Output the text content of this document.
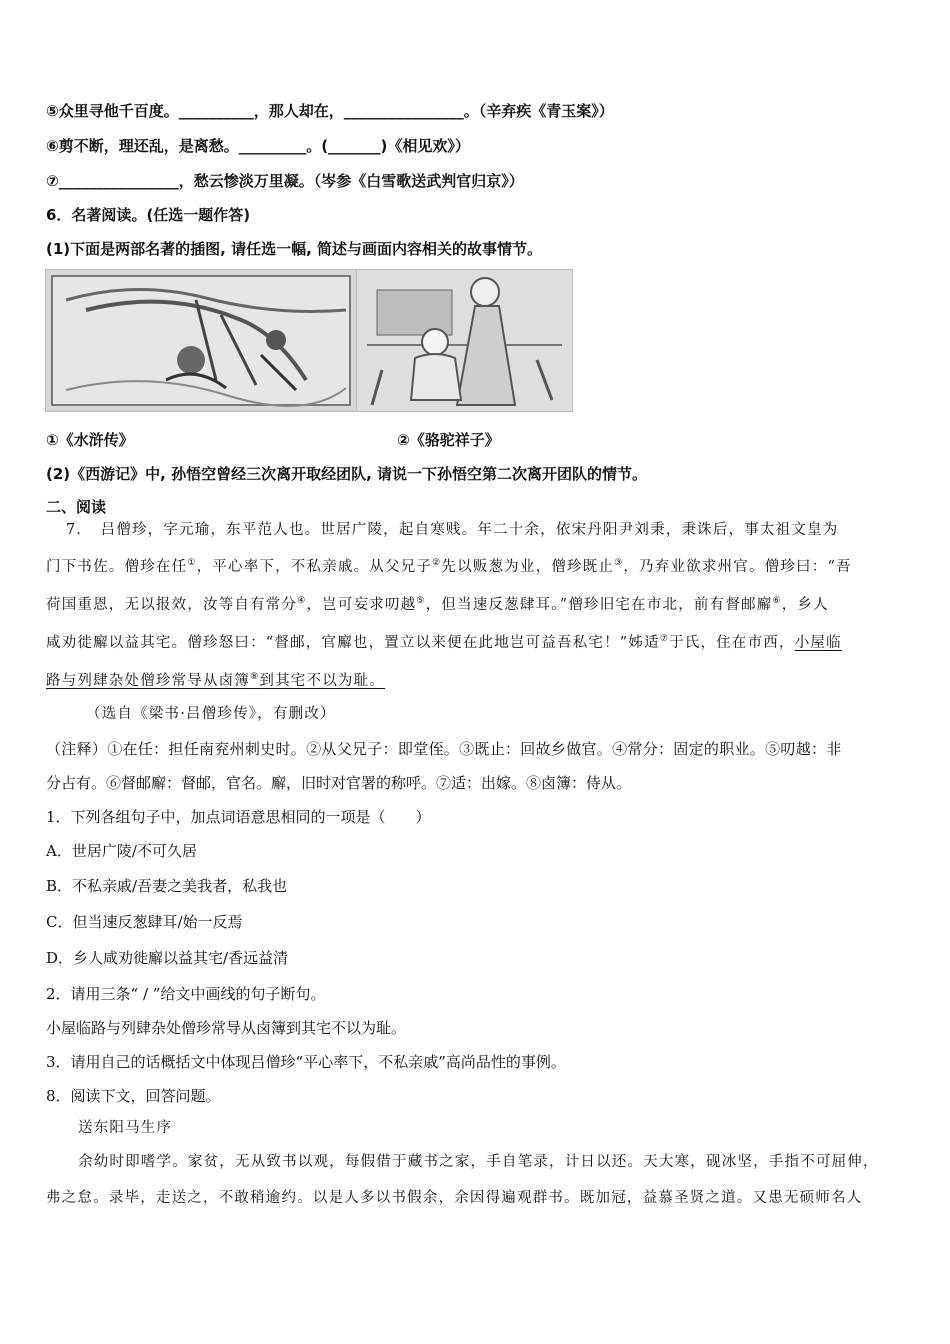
⑤众里寻他千百度。__________，那人却在，________________。（辛弃疾《青玉案》）
⑥剪不断，理还乱，是离愁。_________。(_______)《相见欢》）
⑦________________，愁云惨淡万里凝。（岑参《白雪歌送武判官归京》）
6．名著阅读。(任选一题作答)
(1)下面是两部名著的插图, 请任选一幅, 简述与画面内容相关的故事情节。
①《水浒传》	②《骆驼祥子》
(2)《西游记》中, 孙悟空曾经三次离开取经团队, 请说一下孙悟空第二次离开团队的情节。
二、阅读
7．　吕僧珍，字元瑜，东平范人也。世居广陵，起自寒贱。年二十余，依宋丹阳尹刘秉，秉诛后，事太祖文皇为
门下书佐。僧珍在任①，平心率下，不私亲戚。从父兄子②先以贩葱为业，僧珍既止③，乃弃业欲求州官。僧珍曰：“吾
荷国重恩，无以报效，汝等自有常分④，岂可妄求叨越⑤，但当速反葱肆耳。”僧珍旧宅在市北，前有督邮廨⑥，乡人
咸劝徙廨以益其宅。僧珍怒曰：“督邮，官廨也，置立以来便在此地岂可益吾私宅！”姊适⑦于氏，住在市西，小屋临
路与列肆杂处僧珍常导从卤簿⑧到其宅不以为耻。
（选自《梁书·吕僧珍传》，有删改）
（注释）①在任：担任南兖州刺史时。②从父兄子：即堂侄。③既止：回故乡做官。④常分：固定的职业。⑤叨越：非
分占有。⑥督邮廨：督邮，官名。廨，旧时对官署的称呼。⑦适：出嫁。⑧卤簿：侍从。
1．下列各组句子中，加点词语意思相同的一项是（　　）
A．世居广陵/不可久居
B．不私亲戚/吾妻之美我者，私我也
C．但当速反葱肆耳/始一反焉
D．乡人咸劝徙廨以益其宅/香远益清
2．请用三条“ / ”给文中画线的句子断句。
小屋临路与列肆杂处僧珍常导从卤簿到其宅不以为耻。
3．请用自己的话概括文中体现吕僧珍“平心率下，不私亲戚”高尚品性的事例。
8．阅读下文，回答问题。
送东阳马生序
余幼时即嗜学。家贫，无从致书以观，每假借于藏书之家，手自笔录，计日以还。天大寒，砚冰坚，手指不可屈伸，
弗之怠。录毕，走送之，不敢稍逾约。以是人多以书假余，余因得遍观群书。既加冠，益慕圣贤之道。又患无硕师名人
